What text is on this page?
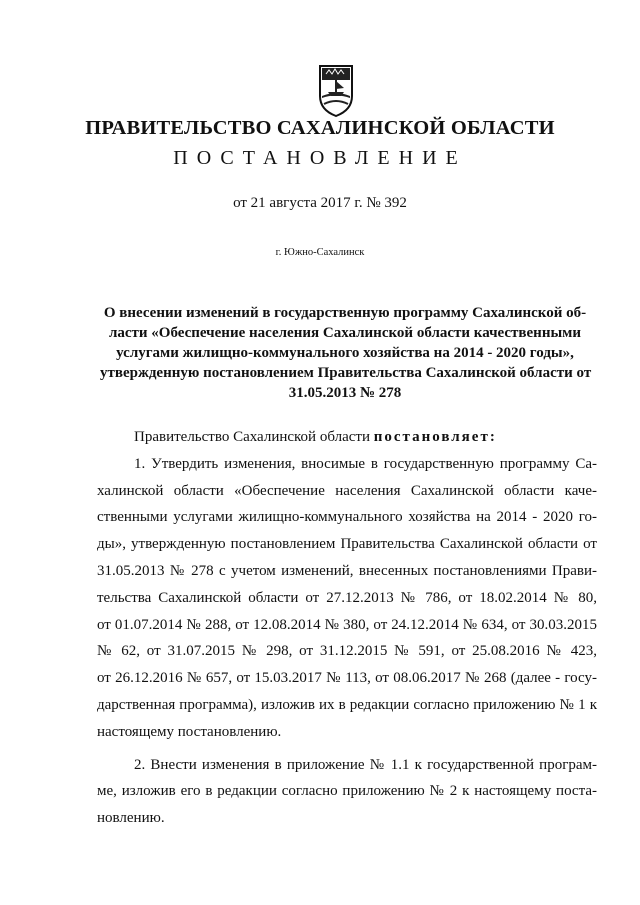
ПРАВИТЕЛЬСТВО САХАЛИНСКОЙ ОБЛАСТИ
ПОСТАНОВЛЕНИЕ
от 21 августа 2017 г. № 392
г. Южно-Сахалинск
О внесении изменений в государственную программу Сахалинской об-
ласти «Обеспечение населения Сахалинской области качественными
услугами жилищно-коммунального хозяйства на 2014 - 2020 годы»,
утвержденную постановлением Правительства Сахалинской области от
31.05.2013 № 278
Правительство Сахалинской области постановляет:
1. Утвердить изменения, вносимые в государственную программу Са-
халинской области «Обеспечение населения Сахалинской области каче-
ственными услугами жилищно-коммунального хозяйства на 2014 - 2020 го-
ды», утвержденную постановлением Правительства Сахалинской области от
31.05.2013 № 278 с учетом изменений, внесенных постановлениями Прави-
тельства Сахалинской области от 27.12.2013 № 786, от 18.02.2014 № 80,
от 01.07.2014 № 288, от 12.08.2014 № 380, от 24.12.2014 № 634, от 30.03.2015
№ 62, от 31.07.2015 № 298, от 31.12.2015 № 591, от 25.08.2016 № 423,
от 26.12.2016 № 657, от 15.03.2017 № 113, от 08.06.2017 № 268 (далее - госу-
дарственная программа), изложив их в редакции согласно приложению № 1 к
настоящему постановлению.
2. Внести изменения в приложение № 1.1 к государственной програм-
ме, изложив его в редакции согласно приложению № 2 к настоящему поста-
новлению.
